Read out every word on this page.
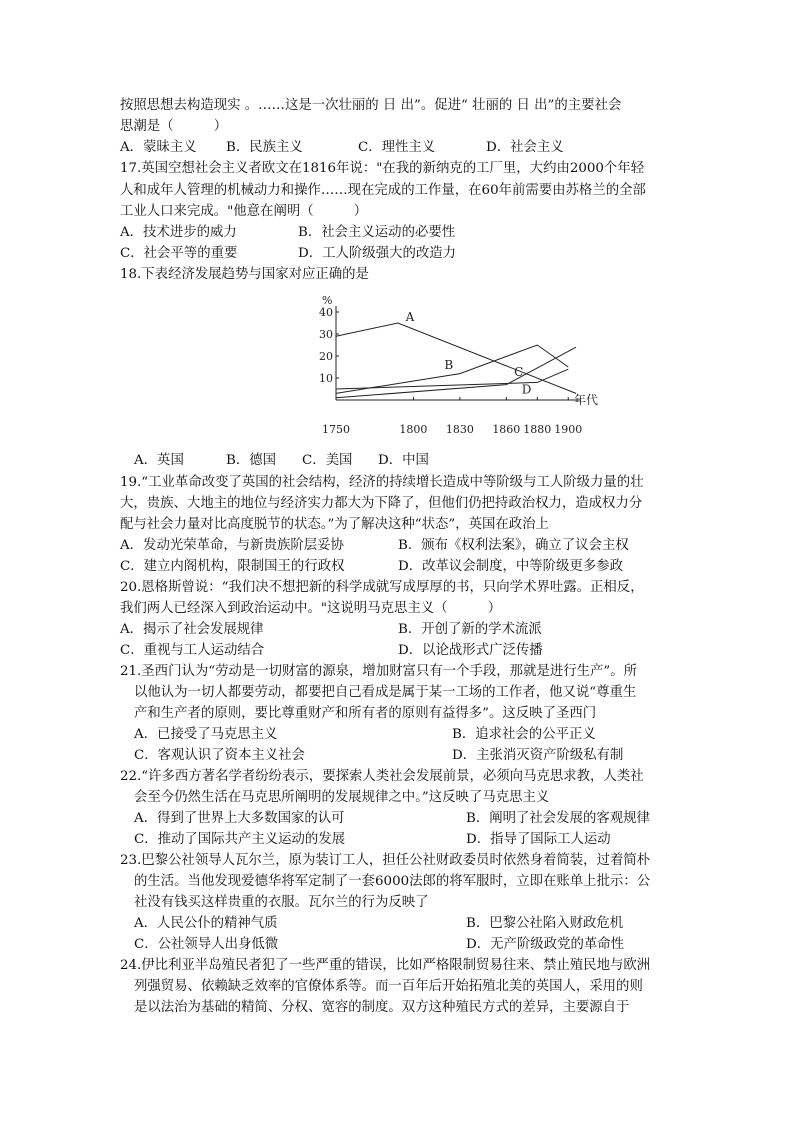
按照思想去构造现实 。……这是一次壮丽的 日 出”。促进“ 壮丽的 日 出”的主要社会
思潮是（　　　）
A．蒙昧主义 B．民族主义	C．理性主义	D．社会主义
17.英国空想社会主义者欧文在1816年说："在我的新纳克的工厂里，大约由2000个年轻
人和成年人管理的机械动力和操作……现在完成的工作量，在60年前需要由苏格兰的全部
工业人口来完成。"他意在阐明（　　　）
A．技术进步的威力	B．社会主义运动的必要性
C．社会平等的重要	D．工人阶级强大的改造力
18.下表经济发展趋势与国家对应正确的是
%
年代
10
20
30
40
1750	1800 1830 1860 1880 1900
A
B	C
D
A．英国	B．德国 C．美国 D．中国
19.“工业革命改变了英国的社会结构，经济的持续增长造成中等阶级与工人阶级力量的壮
大，贵族、大地主的地位与经济实力都大为下降了，但他们仍把持政治权力，造成权力分
配与社会力量对比高度脱节的状态。”为了解决这种“状态”，英国在政治上
A．发动光荣革命，与新贵族阶层妥协	B．颁布《权利法案》，确立了议会主权
C．建立内阁机构，限制国王的行政权	D．改革议会制度，中等阶级更多参政
20.恩格斯曾说：“我们决不想把新的科学成就写成厚厚的书，只向学术界吐露。正相反，
我们两人已经深入到政治运动中。"这说明马克思主义（　　　）
A．揭示了社会发展规律	B．开创了新的学术流派
C．重视与工人运动结合	D．以论战形式广泛传播
21.圣西门认为“劳动是一切财富的源泉，增加财富只有一个手段，那就是进行生产”。所
以他认为一切人都要劳动，都要把自己看成是属于某一工场的工作者，他又说“尊重生
产和生产者的原则，要比尊重财产和所有者的原则有益得多”。这反映了圣西门
A．已接受了马克思主义	B．追求社会的公平正义
C．客观认识了资本主义社会	D．主张消灭资产阶级私有制
22.“许多西方著名学者纷纷表示，要探索人类社会发展前景，必须向马克思求教，人类社
会至今仍然生活在马克思所阐明的发展规律之中。”这反映了马克思主义
A．得到了世界上大多数国家的认可	B．阐明了社会发展的客观规律
C．推动了国际共产主义运动的发展	D．指导了国际工人运动
23.巴黎公社领导人瓦尔兰，原为装订工人，担任公社财政委员时依然身着简装，过着简朴
的生活。当他发现爱德华将军定制了一套6000法郎的将军服时，立即在账单上批示：公
社没有钱买这样贵重的衣服。瓦尔兰的行为反映了
A．人民公仆的精神气质	B．巴黎公社陷入财政危机
C．公社领导人出身低微	D．无产阶级政党的革命性
24.伊比利亚半岛殖民者犯了一些严重的错误，比如严格限制贸易往来、禁止殖民地与欧洲
列强贸易、依赖缺乏效率的官僚体系等。而一百年后开始拓殖北美的英国人，采用的则
是以法治为基础的精简、分权、宽容的制度。双方这种殖民方式的差异，主要源自于
